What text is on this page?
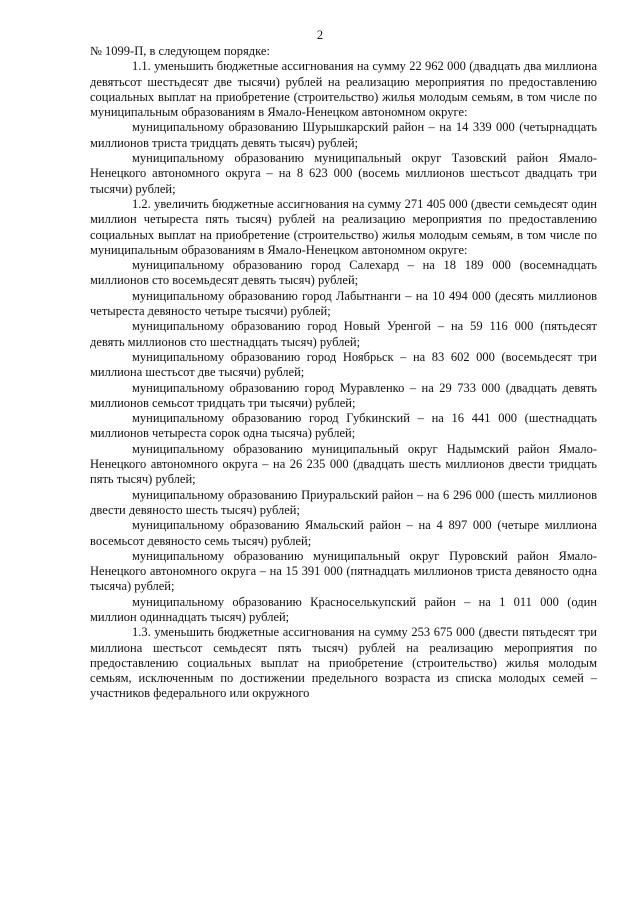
2

№ 1099-П, в следующем порядке:

1.1. уменьшить бюджетные ассигнования на сумму 22 962 000 (двадцать два миллиона девятьсот шестьдесят две тысячи) рублей на реализацию мероприятия по предоставлению социальных выплат на приобретение (строительство) жилья молодым семьям, в том числе по муниципальным образованиям в Ямало-Ненецком автономном округе:

муниципальному образованию Шурышкарский район – на 14 339 000 (четырнадцать миллионов триста тридцать девять тысяч) рублей;

муниципальному образованию муниципальный округ Тазовский район Ямало-Ненецкого автономного округа – на 8 623 000 (восемь миллионов шестьсот двадцать три тысячи) рублей;

1.2. увеличить бюджетные ассигнования на сумму 271 405 000 (двести семьдесят один миллион четыреста пять тысяч) рублей на реализацию мероприятия по предоставлению социальных выплат на приобретение (строительство) жилья молодым семьям, в том числе по муниципальным образованиям в Ямало-Ненецком автономном округе:

муниципальному образованию город Салехард – на 18 189 000 (восемнадцать миллионов сто восемьдесят девять тысяч) рублей;

муниципальному образованию город Лабытнанги – на 10 494 000 (десять миллионов четыреста девяносто четыре тысячи) рублей;

муниципальному образованию город Новый Уренгой – на 59 116 000 (пятьдесят девять миллионов сто шестнадцать тысяч) рублей;

муниципальному образованию город Ноябрьск – на 83 602 000 (восемьдесят три миллиона шестьсот две тысячи) рублей;

муниципальному образованию город Муравленко – на 29 733 000 (двадцать девять миллионов семьсот тридцать три тысячи) рублей;

муниципальному образованию город Губкинский – на 16 441 000 (шестнадцать миллионов четыреста сорок одна тысяча) рублей;

муниципальному образованию муниципальный округ Надымский район Ямало-Ненецкого автономного округа – на 26 235 000 (двадцать шесть миллионов двести тридцать пять тысяч) рублей;

муниципальному образованию Приуральский район – на 6 296 000 (шесть миллионов двести девяносто шесть тысяч) рублей;

муниципальному образованию Ямальский район – на 4 897 000 (четыре миллиона восемьсот девяносто семь тысяч) рублей;

муниципальному образованию муниципальный округ Пуровский район Ямало-Ненецкого автономного округа – на 15 391 000 (пятнадцать миллионов триста девяносто одна тысяча) рублей;

муниципальному образованию Красноселькупский район – на 1 011 000 (один миллион одиннадцать тысяч) рублей;

1.3. уменьшить бюджетные ассигнования на сумму 253 675 000 (двести пятьдесят три миллиона шестьсот семьдесят пять тысяч) рублей на реализацию мероприятия по предоставлению социальных выплат на приобретение (строительство) жилья молодым семьям, исключенным по достижении предельного возраста из списка молодых семей – участников федерального или окружного
